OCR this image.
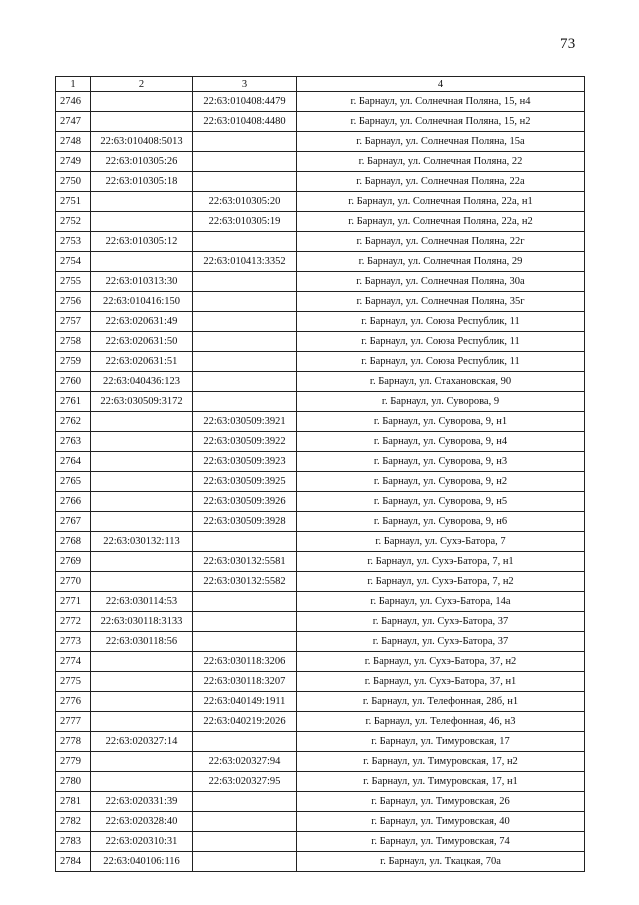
73
1	2	3	4
2746		22:63:010408:4479	г. Барнаул, ул. Солнечная Поляна, 15, н4
2747		22:63:010408:4480	г. Барнаул, ул. Солнечная Поляна, 15, н2
2748	22:63:010408:5013		г. Барнаул, ул. Солнечная Поляна, 15а
2749	22:63:010305:26		г. Барнаул, ул. Солнечная Поляна, 22
2750	22:63:010305:18		г. Барнаул, ул. Солнечная Поляна, 22а
2751		22:63:010305:20	г. Барнаул, ул. Солнечная Поляна, 22а, н1
2752		22:63:010305:19	г. Барнаул, ул. Солнечная Поляна, 22а, н2
2753	22:63:010305:12		г. Барнаул, ул. Солнечная Поляна, 22г
2754		22:63:010413:3352	г. Барнаул, ул. Солнечная Поляна, 29
2755	22:63:010313:30		г. Барнаул, ул. Солнечная Поляна, 30а
2756	22:63:010416:150		г. Барнаул, ул. Солнечная Поляна, 35г
2757	22:63:020631:49		г. Барнаул, ул. Союза Республик, 11
2758	22:63:020631:50		г. Барнаул, ул. Союза Республик, 11
2759	22:63:020631:51		г. Барнаул, ул. Союза Республик, 11
2760	22:63:040436:123		г. Барнаул, ул. Стахановская, 90
2761	22:63:030509:3172		г. Барнаул, ул. Суворова, 9
2762		22:63:030509:3921	г. Барнаул, ул. Суворова, 9, н1
2763		22:63:030509:3922	г. Барнаул, ул. Суворова, 9, н4
2764		22:63:030509:3923	г. Барнаул, ул. Суворова, 9, н3
2765		22:63:030509:3925	г. Барнаул, ул. Суворова, 9, н2
2766		22:63:030509:3926	г. Барнаул, ул. Суворова, 9, н5
2767		22:63:030509:3928	г. Барнаул, ул. Суворова, 9, н6
2768	22:63:030132:113		г. Барнаул, ул. Сухэ-Батора, 7
2769		22:63:030132:5581	г. Барнаул, ул. Сухэ-Батора, 7, н1
2770		22:63:030132:5582	г. Барнаул, ул. Сухэ-Батора, 7, н2
2771	22:63:030114:53		г. Барнаул, ул. Сухэ-Батора, 14а
2772	22:63:030118:3133		г. Барнаул, ул. Сухэ-Батора, 37
2773	22:63:030118:56		г. Барнаул, ул. Сухэ-Батора, 37
2774		22:63:030118:3206	г. Барнаул, ул. Сухэ-Батора, 37, н2
2775		22:63:030118:3207	г. Барнаул, ул. Сухэ-Батора, 37, н1
2776		22:63:040149:1911	г. Барнаул, ул. Телефонная, 28б, н1
2777		22:63:040219:2026	г. Барнаул, ул. Телефонная, 46, н3
2778	22:63:020327:14		г. Барнаул, ул. Тимуровская, 17
2779		22:63:020327:94	г. Барнаул, ул. Тимуровская, 17, н2
2780		22:63:020327:95	г. Барнаул, ул. Тимуровская, 17, н1
2781	22:63:020331:39		г. Барнаул, ул. Тимуровская, 26
2782	22:63:020328:40		г. Барнаул, ул. Тимуровская, 40
2783	22:63:020310:31		г. Барнаул, ул. Тимуровская, 74
2784	22:63:040106:116		г. Барнаул, ул. Ткацкая, 70а
